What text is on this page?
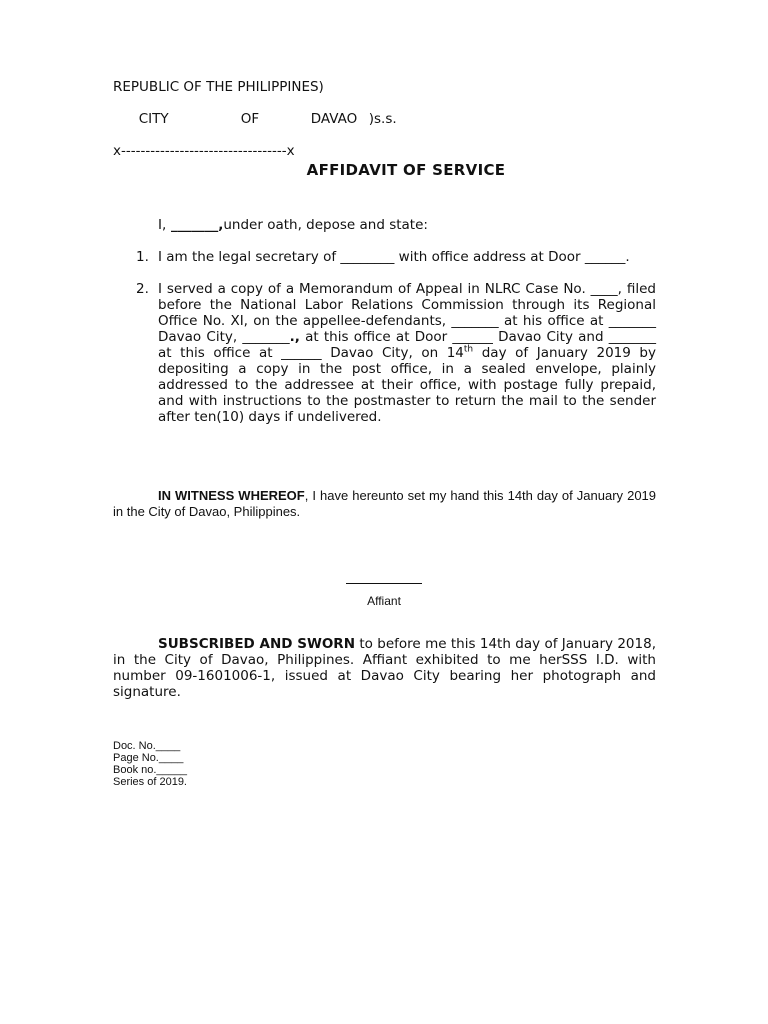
REPUBLIC OF THE PHILIPPINES)

CITY	OF	DAVAO )s.s.

x----------------------------------x
AFFIDAVIT OF SERVICE
I, _______,under oath, depose and state:
1. I am the legal secretary of ________ with office address at Door ______.
2. I served a copy of a Memorandum of Appeal in NLRC Case No. ____, filed before the National Labor Relations Commission through its Regional Office No. XI, on the appellee-defendants, _______ at his office at _______ Davao City, _______., at this office at Door ______ Davao City and _______ at this office at ______ Davao City, on 14th day of January 2019 by depositing a copy in the post office, in a sealed envelope, plainly addressed to the addressee at their office, with postage fully prepaid, and with instructions to the postmaster to return the mail to the sender after ten(10) days if undelivered.
IN WITNESS WHEREOF, I have hereunto set my hand this 14th day of January 2019 in the City of Davao, Philippines.
Affiant
SUBSCRIBED AND SWORN to before me this 14th day of January 2018, in the City of Davao, Philippines. Affiant exhibited to me herSSS I.D. with number 09-1601006-1, issued at Davao City bearing her photograph and signature.
Doc. No.____
Page No.____
Book no._____
Series of 2019.
